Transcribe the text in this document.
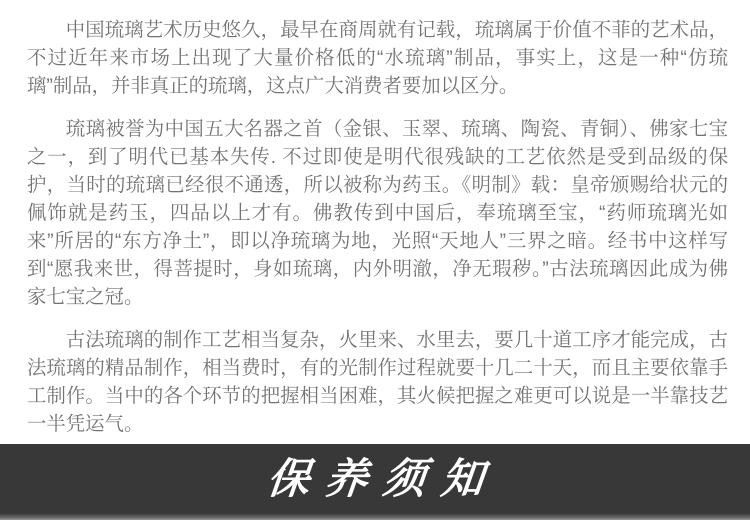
中国琉璃艺术历史悠久，最早在商周就有记载，琉璃属于价值不菲的艺术品，不过近年来市场上出现了大量价格低的“水琉璃”制品，事实上，这是一种“仿琉璃”制品，并非真正的琉璃，这点广大消费者要加以区分。

琉璃被誉为中国五大名器之首（金银、玉翠、琉璃、陶瓷、青铜）、佛家七宝之一，到了明代已基本失传. 不过即使是明代很残缺的工艺依然是受到品级的保护，当时的琉璃已经很不通透，所以被称为药玉。《明制》载：皇帝颁赐给状元的佩饰就是药玉，四品以上才有。佛教传到中国后，奉琉璃至宝，“药师琉璃光如来”所居的“东方净土”，即以净琉璃为地，光照“天地人”三界之暗。经书中这样写到“愿我来世，得菩提时，身如琉璃，内外明澈，净无瑕秽。”古法琉璃因此成为佛家七宝之冠。

古法琉璃的制作工艺相当复杂，火里来、水里去，要几十道工序才能完成，古法琉璃的精品制作，相当费时，有的光制作过程就要十几二十天，而且主要依靠手工制作。当中的各个环节的把握相当困难，其火候把握之难更可以说是一半靠技艺一半凭运气。

保养须知
